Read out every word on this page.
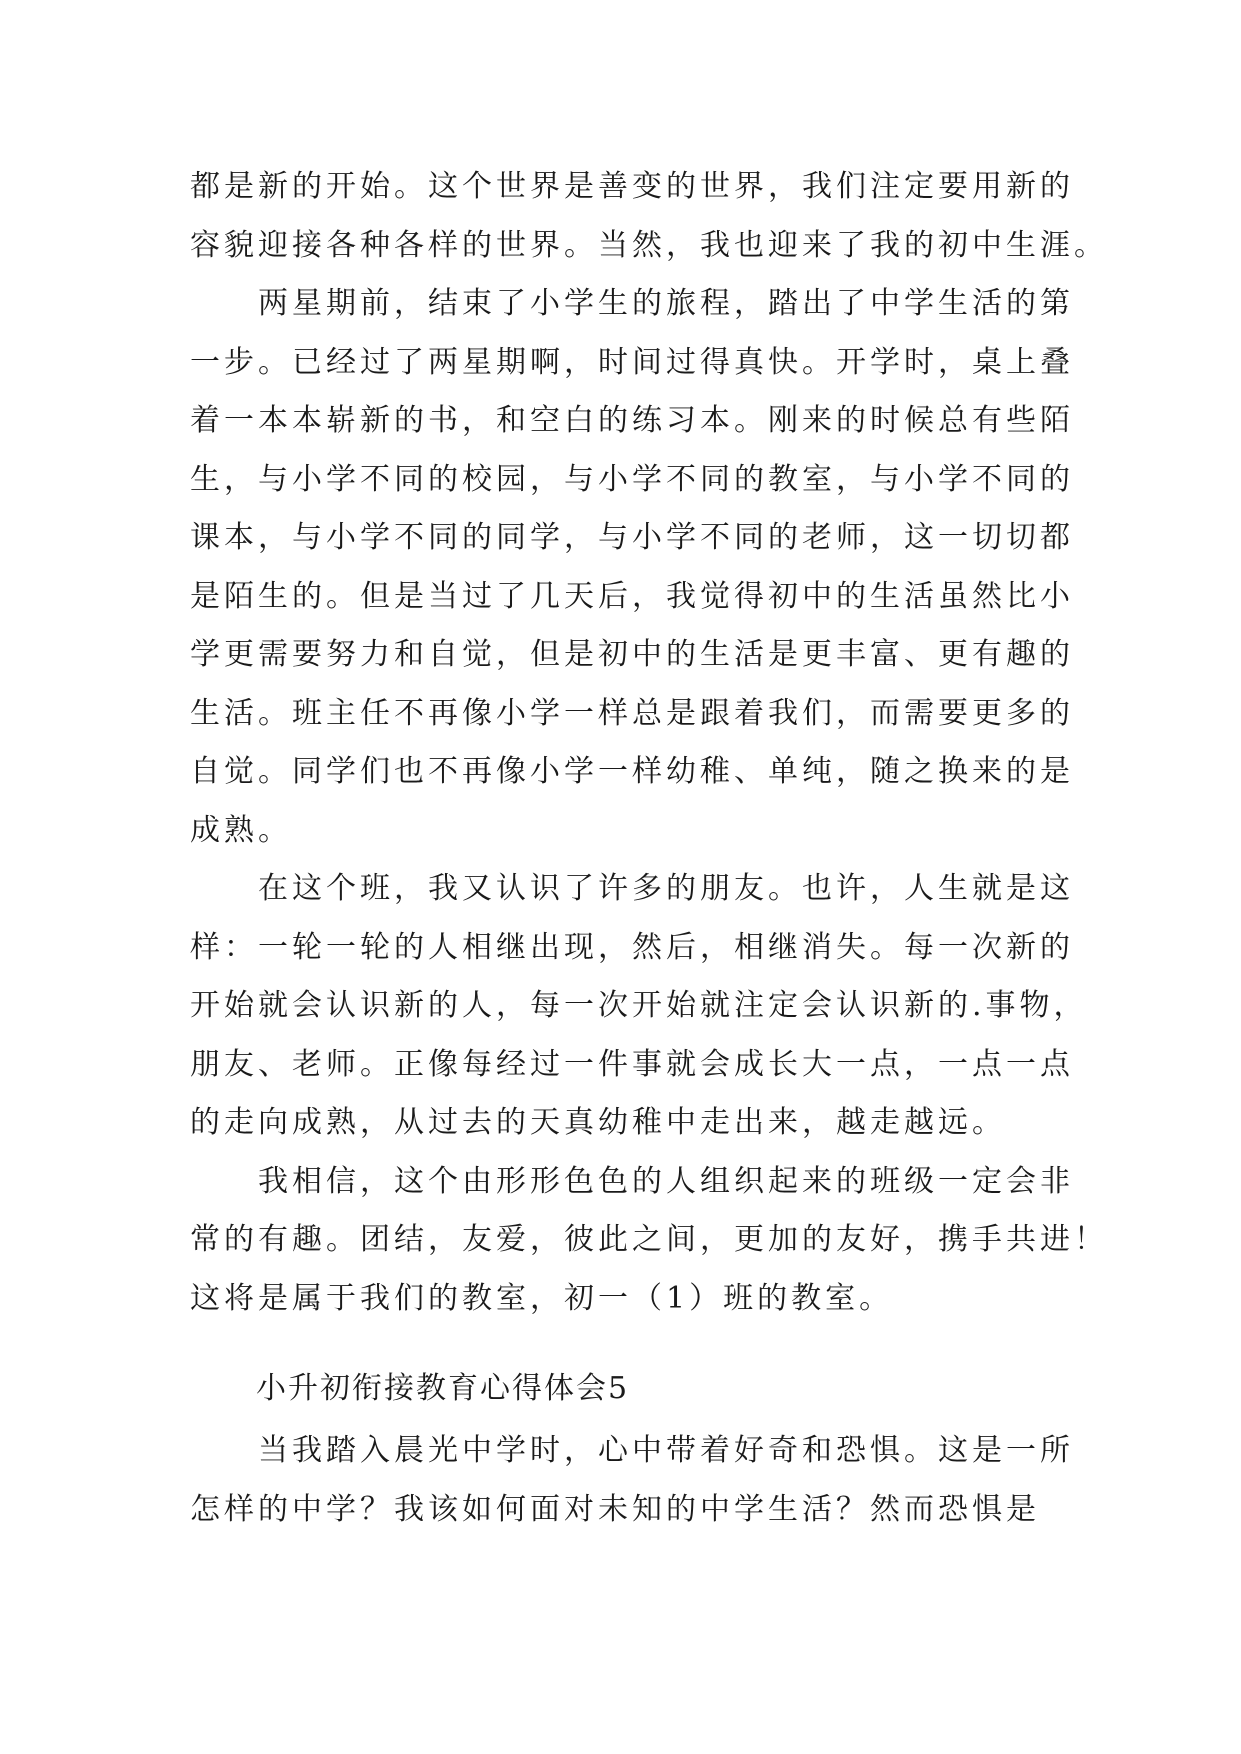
都是新的开始。这个世界是善变的世界，我们注定要用新的
容貌迎接各种各样的世界。当然，我也迎来了我的初中生涯。
　　两星期前，结束了小学生的旅程，踏出了中学生活的第
一步。已经过了两星期啊，时间过得真快。开学时，桌上叠
着一本本崭新的书，和空白的练习本。刚来的时候总有些陌
生，与小学不同的校园，与小学不同的教室，与小学不同的
课本，与小学不同的同学，与小学不同的老师，这一切切都
是陌生的。但是当过了几天后，我觉得初中的生活虽然比小
学更需要努力和自觉，但是初中的生活是更丰富、更有趣的
生活。班主任不再像小学一样总是跟着我们，而需要更多的
自觉。同学们也不再像小学一样幼稚、单纯，随之换来的是
成熟。
　　在这个班，我又认识了许多的朋友。也许，人生就是这
样：一轮一轮的人相继出现，然后，相继消失。每一次新的
开始就会认识新的人，每一次开始就注定会认识新的.事物，
朋友、老师。正像每经过一件事就会成长大一点，一点一点
的走向成熟，从过去的天真幼稚中走出来，越走越远。
　　我相信，这个由形形色色的人组织起来的班级一定会非
常的有趣。团结，友爱，彼此之间，更加的友好，携手共进！
这将是属于我们的教室，初一（1）班的教室。
小升初衔接教育心得体会5
　　当我踏入晨光中学时，心中带着好奇和恐惧。这是一所
怎样的中学？我该如何面对未知的中学生活？然而恐惧是
